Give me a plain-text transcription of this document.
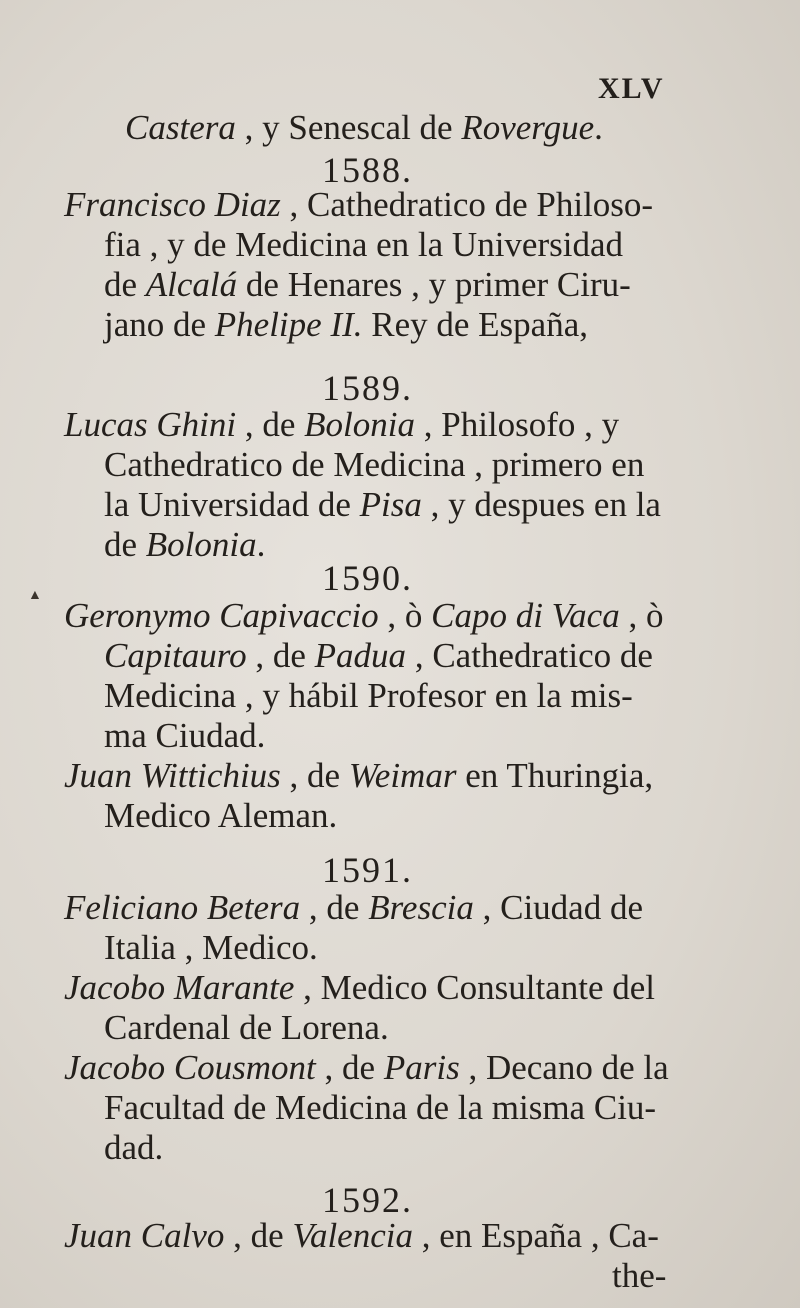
XLV
▲
Castera , y Senescal de Rovergue.
1588.
Francisco Diaz , Cathedratico de Philoso-
fia , y de Medicina en la Universidad
de Alcalá de Henares , y primer Ciru-
jano de Phelipe II. Rey de España,
1589.
Lucas Ghini , de Bolonia , Philosofo , y
Cathedratico de Medicina , primero en
la Universidad de Pisa , y despues en la
de Bolonia.
1590.
Geronymo Capivaccio , ò Capo di Vaca , ò
Capitauro , de Padua , Cathedratico de
Medicina , y hábil Profesor en la mis-
ma Ciudad.
Juan Wittichius , de Weimar en Thuringia,
Medico Aleman.
1591.
Feliciano Betera , de Brescia , Ciudad de
Italia , Medico.
Jacobo Marante , Medico Consultante del
Cardenal de Lorena.
Jacobo Cousmont , de Paris , Decano de la
Facultad de Medicina de la misma Ciu-
dad.
1592.
Juan Calvo , de Valencia , en España , Ca-
the-
